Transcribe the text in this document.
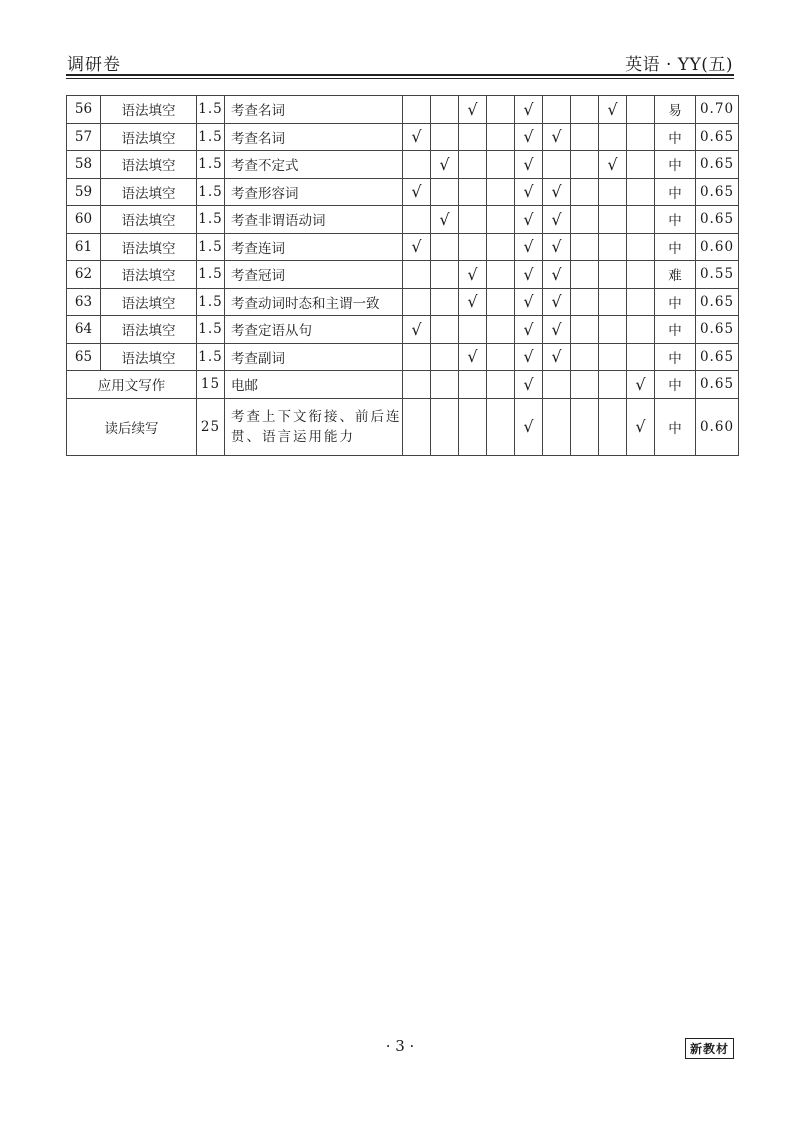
调研卷	英语 · YY(五)
56	语法填空	1.5	考查名词			√		√			√		易	0.70
57	语法填空	1.5	考查名词	√				√	√				中	0.65
58	语法填空	1.5	考查不定式		√			√			√		中	0.65
59	语法填空	1.5	考查形容词	√				√	√				中	0.65
60	语法填空	1.5	考查非谓语动词		√			√	√				中	0.65
61	语法填空	1.5	考查连词	√				√	√				中	0.60
62	语法填空	1.5	考查冠词			√		√	√				难	0.55
63	语法填空	1.5	考查动词时态和主谓一致			√		√	√				中	0.65
64	语法填空	1.5	考查定语从句	√				√	√				中	0.65
65	语法填空	1.5	考查副词			√		√	√				中	0.65
应用文写作		15	电邮					√				√	中	0.65
读后续写		25	考查上下文衔接、前后连贯、语言运用能力					√				√	中	0.60
· 3 ·	新教材
